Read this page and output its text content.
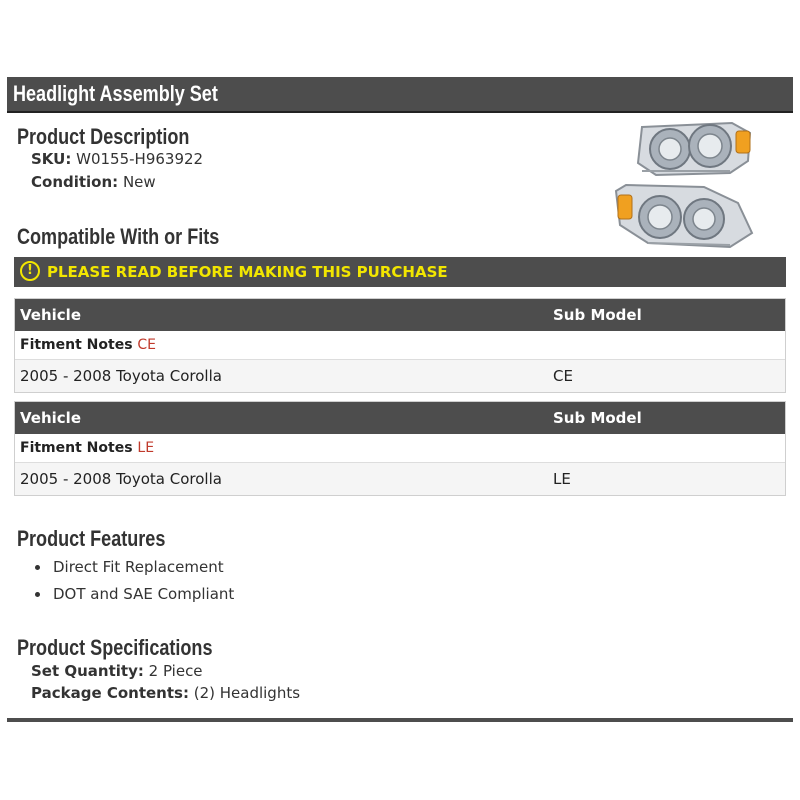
Headlight Assembly Set
Product Description
SKU: W0155-H963922
Condition: New
Compatible With or Fits
! PLEASE READ BEFORE MAKING THIS PURCHASE
Vehicle	Sub Model
Fitment Notes CE
2005 - 2008 Toyota Corolla	CE
Vehicle	Sub Model
Fitment Notes LE
2005 - 2008 Toyota Corolla	LE
Product Features
Direct Fit Replacement
DOT and SAE Compliant
Product Specifications
Set Quantity: 2 Piece
Package Contents: (2) Headlights
